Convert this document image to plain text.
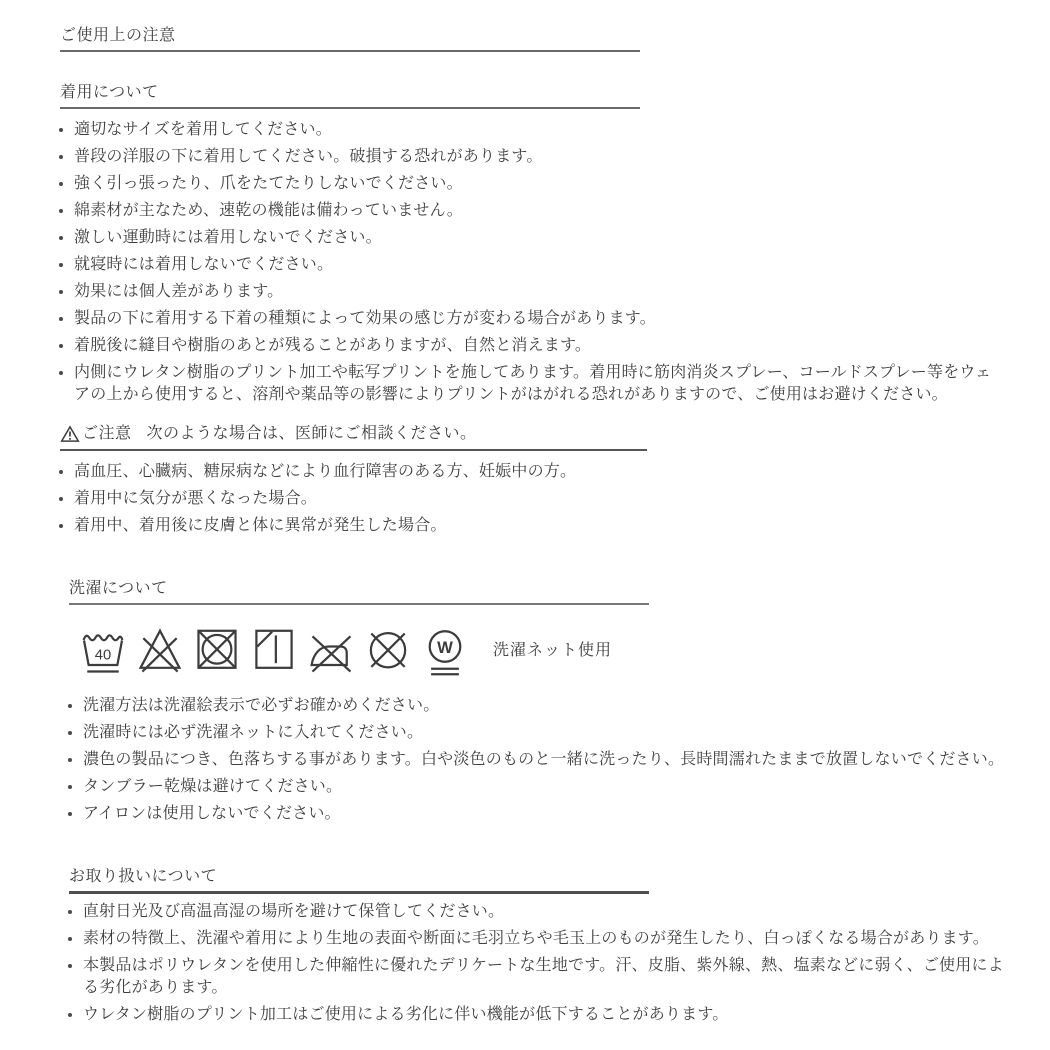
ご使用上の注意
着用について
適切なサイズを着用してください。
普段の洋服の下に着用してください。破損する恐れがあります。
強く引っ張ったり、爪をたてたりしないでください。
綿素材が主なため、速乾の機能は備わっていません。
激しい運動時には着用しないでください。
就寝時には着用しないでください。
効果には個人差があります。
製品の下に着用する下着の種類によって効果の感じ方が変わる場合があります。
着脱後に縫目や樹脂のあとが残ることがありますが、自然と消えます。
内側にウレタン樹脂のプリント加工や転写プリントを施してあります。着用時に筋肉消炎スプレー、コールドスプレー等をウェアの上から使用すると、溶剤や薬品等の影響によりプリントがはがれる恐れがありますので、ご使用はお避けください。
ご注意 次のような場合は、医師にご相談ください。
高血圧、心臓病、糖尿病などにより血行障害のある方、妊娠中の方。
着用中に気分が悪くなった場合。
着用中、着用後に皮膚と体に異常が発生した場合。
洗濯について
40	W	洗濯ネット使用
洗濯方法は洗濯絵表示で必ずお確かめください。
洗濯時には必ず洗濯ネットに入れてください。
濃色の製品につき、色落ちする事があります。白や淡色のものと一緒に洗ったり、長時間濡れたままで放置しないでください。
タンブラー乾燥は避けてください。
アイロンは使用しないでください。
お取り扱いについて
直射日光及び高温高湿の場所を避けて保管してください。
素材の特徴上、洗濯や着用により生地の表面や断面に毛羽立ちや毛玉上のものが発生したり、白っぽくなる場合があります。
本製品はポリウレタンを使用した伸縮性に優れたデリケートな生地です。汗、皮脂、紫外線、熱、塩素などに弱く、ご使用による劣化があります。
ウレタン樹脂のプリント加工はご使用による劣化に伴い機能が低下することがあります。
